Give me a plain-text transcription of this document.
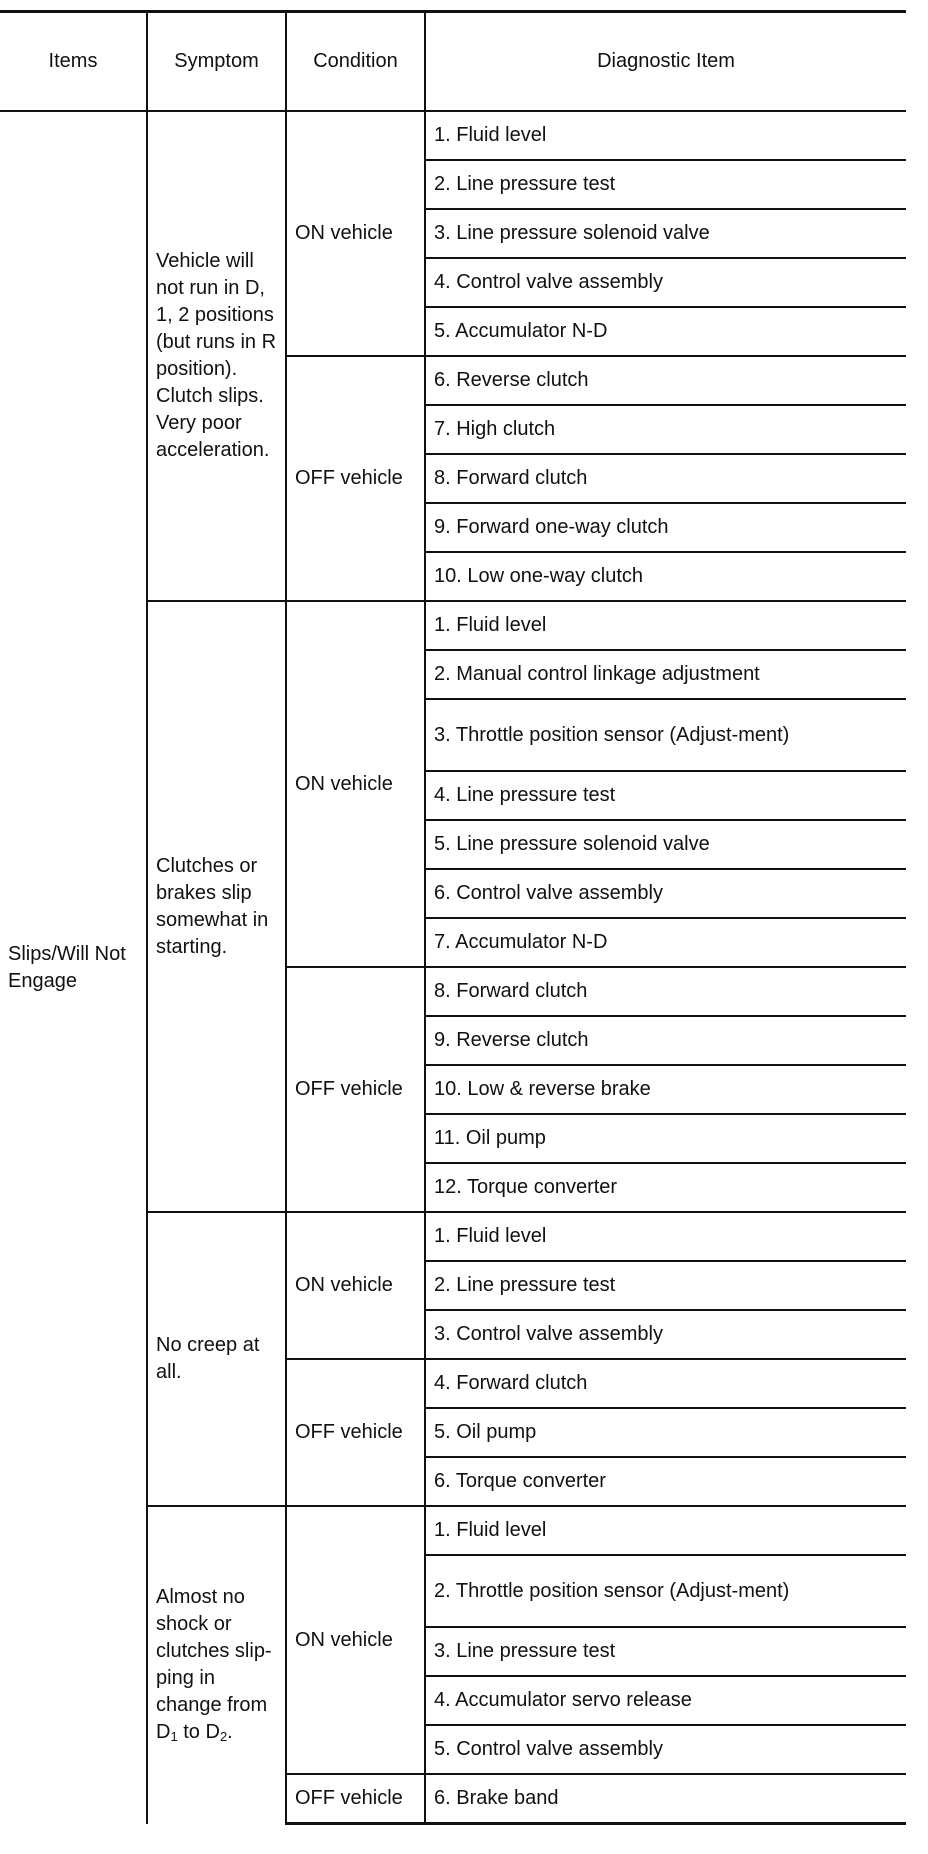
Items	Symptom	Condition	Diagnostic Item
Slips/Will Not Engage	Vehicle will not run in D, 1, 2 positions (but runs in R position). Clutch slips. Very poor acceleration.	ON vehicle	1. Fluid level
			2. Line pressure test
			3. Line pressure solenoid valve
			4. Control valve assembly
			5. Accumulator N-D
		OFF vehicle	6. Reverse clutch
			7. High clutch
			8. Forward clutch
			9. Forward one-way clutch
			10. Low one-way clutch

	Clutches or brakes slip somewhat in starting.	ON vehicle	1. Fluid level
			2. Manual control linkage adjustment
			3. Throttle position sensor (Adjust-ment)
			4. Line pressure test
			5. Line pressure solenoid valve
			6. Control valve assembly
			7. Accumulator N-D
		OFF vehicle	8. Forward clutch
			9. Reverse clutch
			10. Low & reverse brake
			11. Oil pump
			12. Torque converter

	No creep at all.	ON vehicle	1. Fluid level
			2. Line pressure test
			3. Control valve assembly
		OFF vehicle	4. Forward clutch
			5. Oil pump
			6. Torque converter

	Almost no shock or clutches slip-ping in change from $D_1$ to $D_2$.	ON vehicle	1. Fluid level
			2. Throttle position sensor (Adjust-ment)
			3. Line pressure test
			4. Accumulator servo release
			5. Control valve assembly
		OFF vehicle	6. Brake band
